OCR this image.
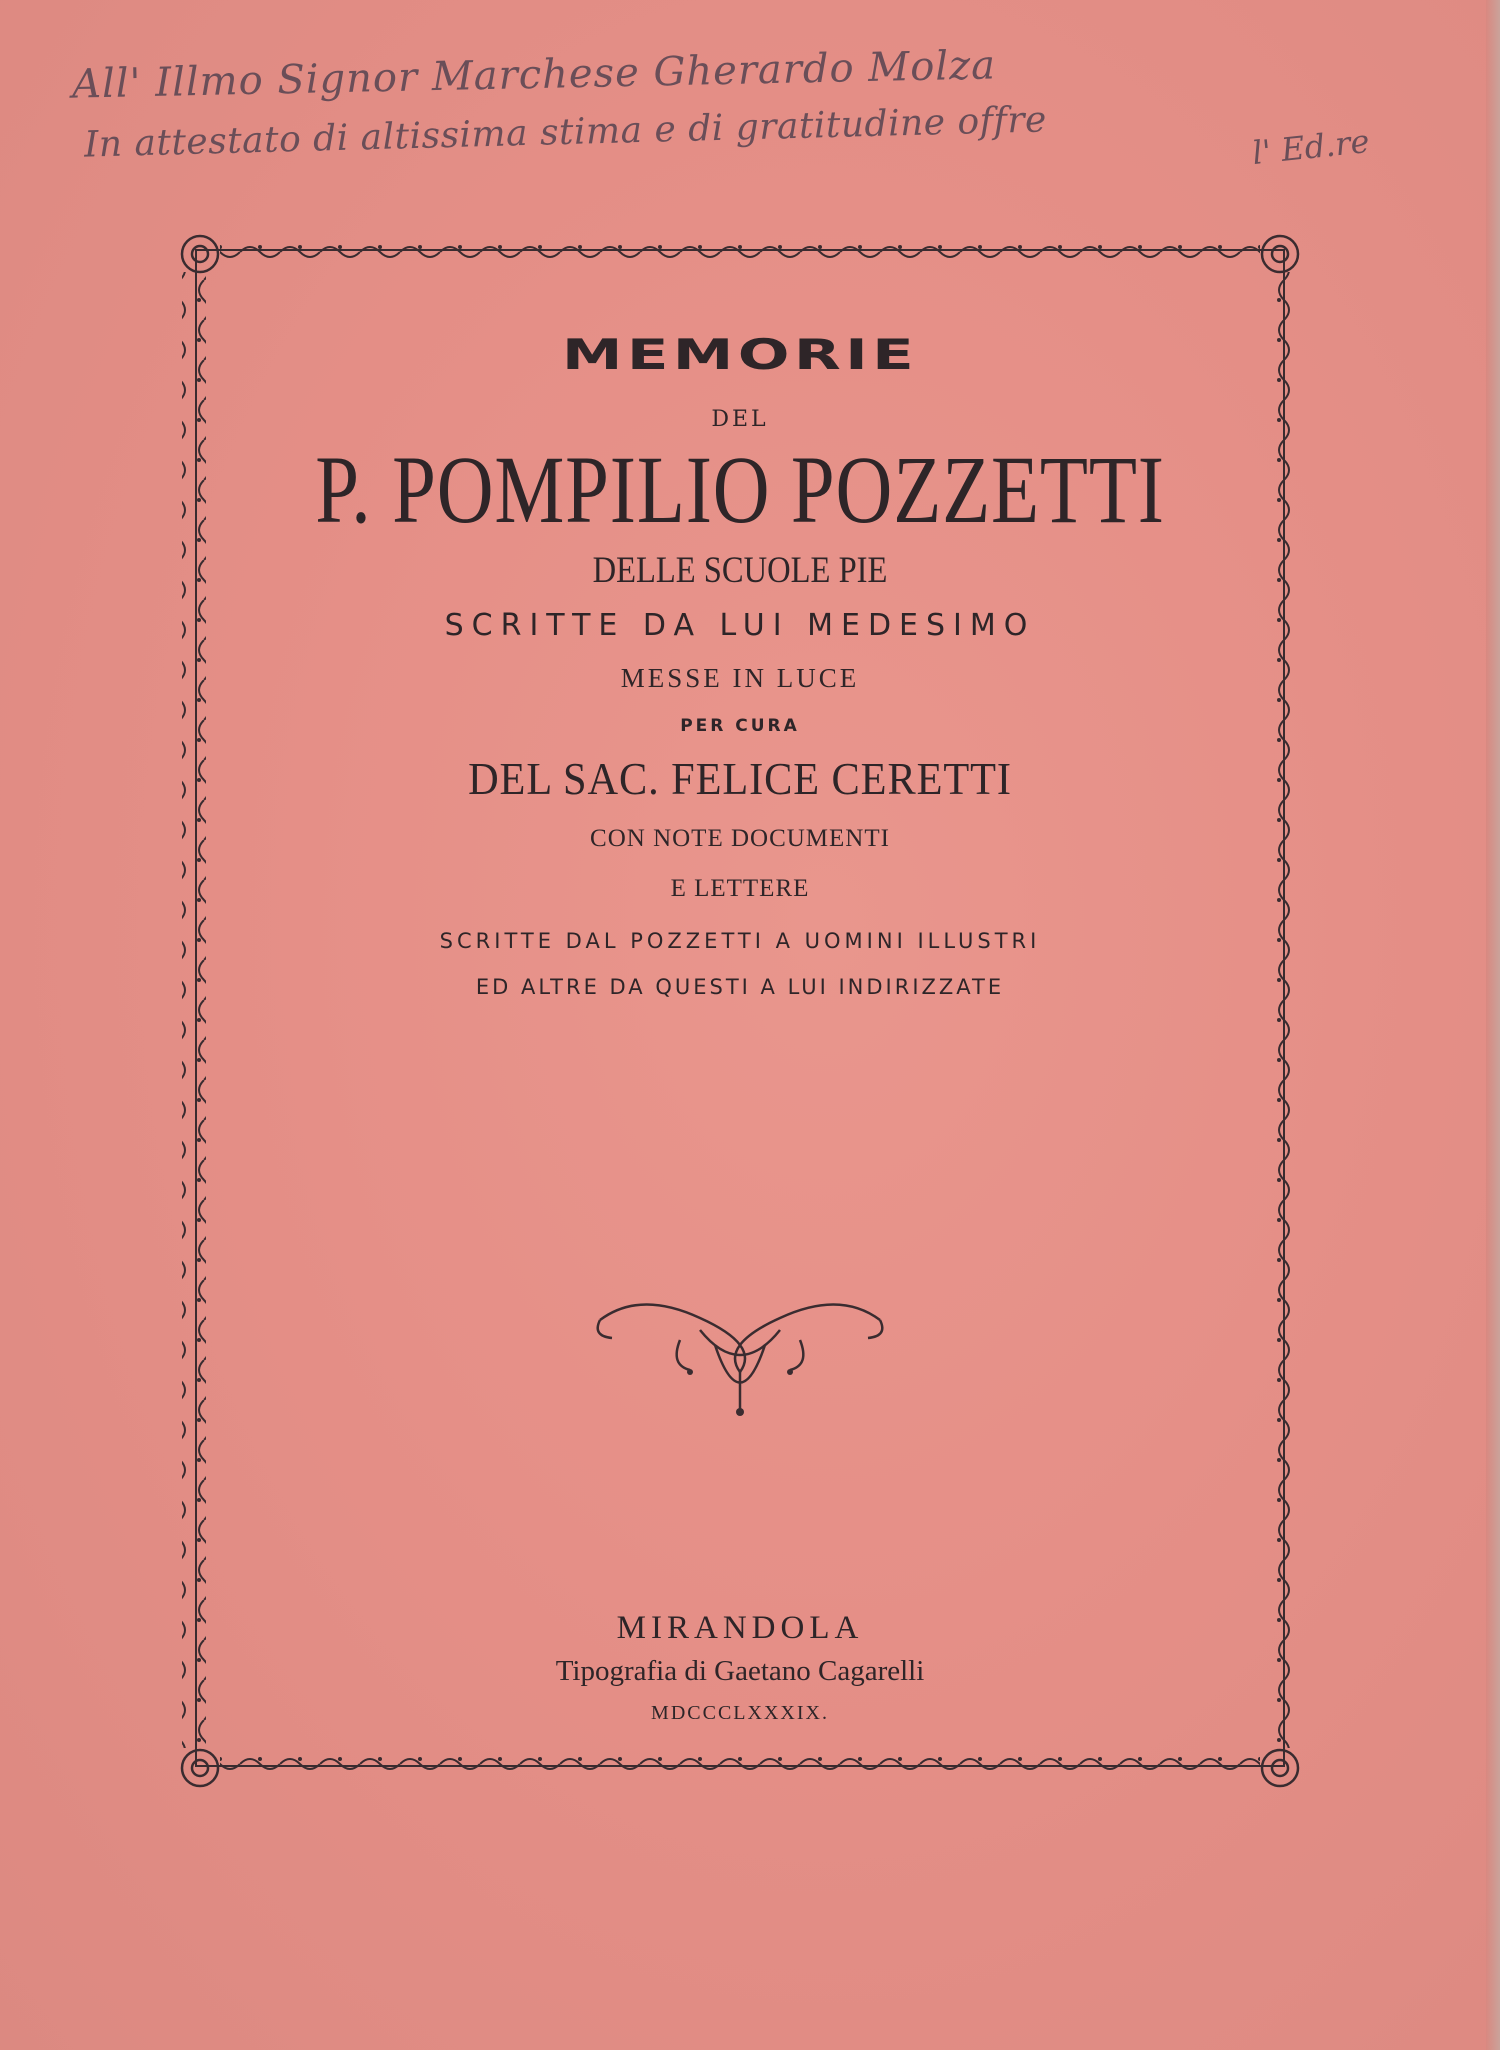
All' Illmo Signor Marchese Gherardo Molza
In attestato di altissima stima e di gratitudine offre	l' Ed.re
MEMORIE
DEL
P. POMPILIO POZZETTI
DELLE SCUOLE PIE
SCRITTE DA LUI MEDESIMO
MESSE IN LUCE
PER CURA
DEL SAC. FELICE CERETTI
CON NOTE DOCUMENTI
E LETTERE
SCRITTE DAL POZZETTI A UOMINI ILLUSTRI
ED ALTRE DA QUESTI A LUI INDIRIZZATE
MIRANDOLA
Tipografia di Gaetano Cagarelli
MDCCCLXXXIX.
